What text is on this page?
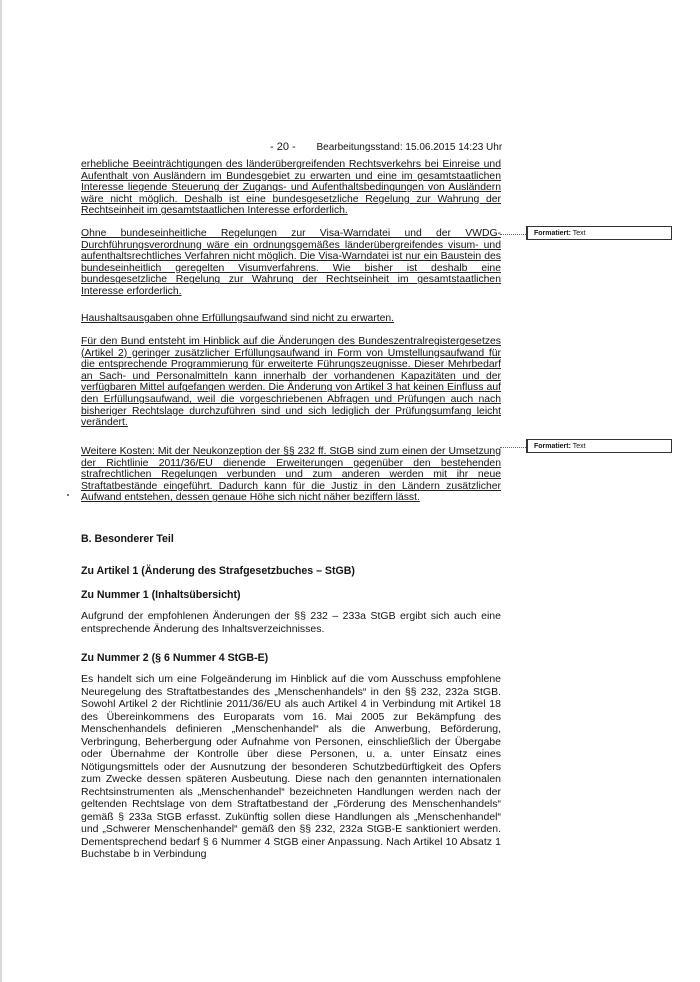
- 20 - Bearbeitungsstand: 15.06.2015 14:23 Uhr

erhebliche Beeinträchtigungen des länderübergreifenden Rechtsverkehrs bei Einreise und Aufenthalt von Ausländern im Bundesgebiet zu erwarten und eine im gesamtstaatlichen Interesse liegende Steuerung der Zugangs- und Aufenthaltsbedingungen von Ausländern wäre nicht möglich. Deshalb ist eine bundesgesetzliche Regelung zur Wahrung der Rechtseinheit im gesamtstaatlichen Interesse erforderlich.

Ohne bundeseinheitliche Regelungen zur Visa-Warndatei und der VWDG-Durchführungsverordnung wäre ein ordnungsgemäßes länderübergreifendes visum- und aufenthaltsrechtliches Verfahren nicht möglich. Die Visa-Warndatei ist nur ein Baustein des bundeseinheitlich geregelten Visumverfahrens. Wie bisher ist deshalb eine bundesgesetzliche Regelung zur Wahrung der Rechtseinheit im gesamtstaatlichen Interesse erforderlich.

Haushaltsausgaben ohne Erfüllungsaufwand sind nicht zu erwarten.

Für den Bund entsteht im Hinblick auf die Änderungen des Bundeszentralregistergesetzes (Artikel 2) geringer zusätzlicher Erfüllungsaufwand in Form von Umstellungsaufwand für die entsprechende Programmierung für erweiterte Führungszeugnisse. Dieser Mehrbedarf an Sach- und Personalmitteln kann innerhalb der vorhandenen Kapazitäten und der verfügbaren Mittel aufgefangen werden. Die Änderung von Artikel 3 hat keinen Einfluss auf den Erfüllungsaufwand, weil die vorgeschriebenen Abfragen und Prüfungen auch nach bisheriger Rechtslage durchzuführen sind und sich lediglich der Prüfungsumfang leicht verändert.

Weitere Kosten: Mit der Neukonzeption der §§ 232 ff. StGB sind zum einen der Umsetzung der Richtlinie 2011/36/EU dienende Erweiterungen gegenüber den bestehenden strafrechtlichen Regelungen verbunden und zum anderen werden mit ihr neue Straftatbestände eingeführt. Dadurch kann für die Justiz in den Ländern zusätzlicher Aufwand entstehen, dessen genaue Höhe sich nicht näher beziffern lässt.

Formatiert: Text
Formatiert: Text
B. Besonderer Teil
Zu Artikel 1 (Änderung des Strafgesetzbuches – StGB)
Zu Nummer 1 (Inhaltsübersicht)

Aufgrund der empfohlenen Änderungen der §§ 232 – 233a StGB ergibt sich auch eine entsprechende Änderung des Inhaltsverzeichnisses.

Zu Nummer 2 (§ 6 Nummer 4 StGB-E)

Es handelt sich um eine Folgeänderung im Hinblick auf die vom Ausschuss empfohlene Neuregelung des Straftatbestandes des „Menschenhandels“ in den §§ 232, 232a StGB. Sowohl Artikel 2 der Richtlinie 2011/36/EU als auch Artikel 4 in Verbindung mit Artikel 18 des Übereinkommens des Europarats vom 16. Mai 2005 zur Bekämpfung des Menschenhandels definieren „Menschenhandel“ als die Anwerbung, Beförderung, Verbringung, Beherbergung oder Aufnahme von Personen, einschließlich der Übergabe oder Übernahme der Kontrolle über diese Personen, u. a. unter Einsatz eines Nötigungsmittels oder der Ausnutzung der besonderen Schutzbedürftigkeit des Opfers zum Zwecke dessen späteren Ausbeutung. Diese nach den genannten internationalen Rechtsinstrumenten als „Menschenhandel“ bezeichneten Handlungen werden nach der geltenden Rechtslage von dem Straftatbestand der „Förderung des Menschenhandels“ gemäß § 233a StGB erfasst. Zukünftig sollen diese Handlungen als „Menschenhandel“ und „Schwerer Menschenhandel“ gemäß den §§ 232, 232a StGB-E sanktioniert werden. Dementsprechend bedarf § 6 Nummer 4 StGB einer Anpassung. Nach Artikel 10 Absatz 1 Buchstabe b in Verbindung
